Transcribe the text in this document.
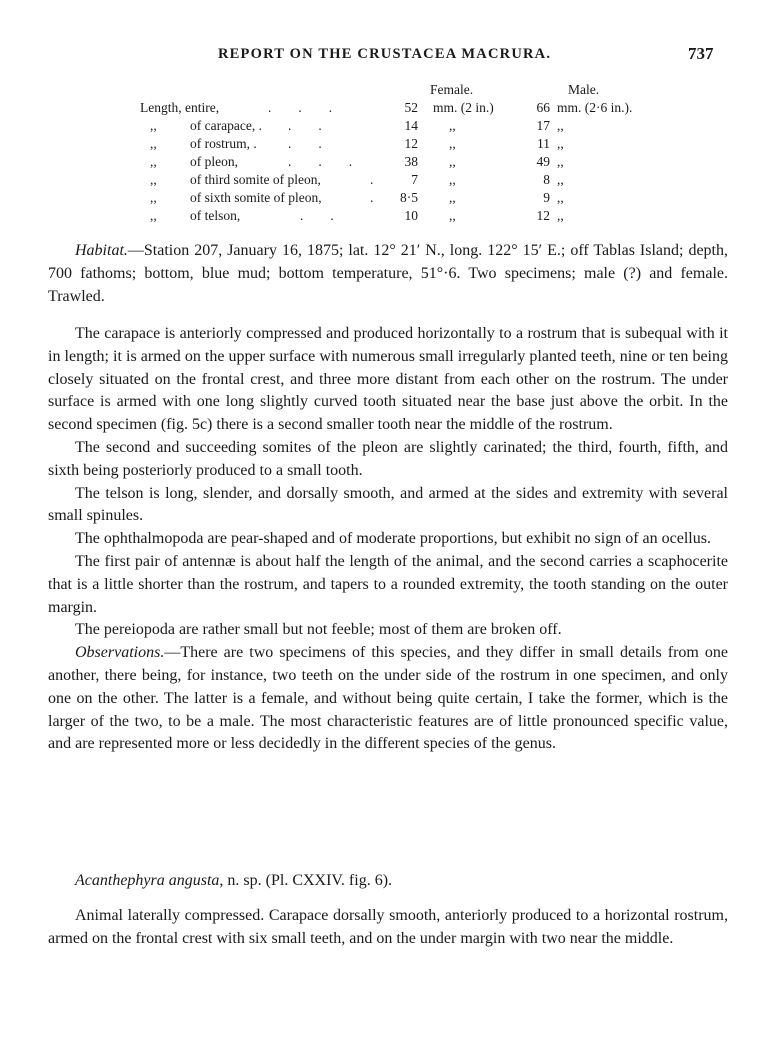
REPORT ON THE CRUSTACEA MACRURA.	737
Female.	Male.
Length, entire,	.        .        .	52 mm. (2 in.)	66 mm. (2·6 in.).
,, of carapace, . .        .	14 ,,	17 ,,
,, of rostrum, . .        .	12 ,,	11 ,,
,, of pleon,	.        .        .	38 ,,	49 ,,
,, of third somite of pleon,	.	7 ,,	8 ,,
,, of sixth somite of pleon,	.	8·5 ,,	9 ,,
,, of telson,	.        .	10 ,,	12 ,,

Habitat.—Station 207, January 16, 1875; lat. 12° 21′ N., long. 122° 15′ E.; off Tablas Island; depth, 700 fathoms; bottom, blue mud; bottom temperature, 51°·6. Two specimens; male (?) and female. Trawled.

The carapace is anteriorly compressed and produced horizontally to a rostrum that is subequal with it in length; it is armed on the upper surface with numerous small irregularly planted teeth, nine or ten being closely situated on the frontal crest, and three more distant from each other on the rostrum. The under surface is armed with one long slightly curved tooth situated near the base just above the orbit. In the second specimen (fig. 5c) there is a second smaller tooth near the middle of the rostrum.

The second and succeeding somites of the pleon are slightly carinated; the third, fourth, fifth, and sixth being posteriorly produced to a small tooth.

The telson is long, slender, and dorsally smooth, and armed at the sides and extremity with several small spinules.

The ophthalmopoda are pear-shaped and of moderate proportions, but exhibit no sign of an ocellus.

The first pair of antennæ is about half the length of the animal, and the second carries a scaphocerite that is a little shorter than the rostrum, and tapers to a rounded extremity, the tooth standing on the outer margin.

The pereiopoda are rather small but not feeble; most of them are broken off.

Observations.—There are two specimens of this species, and they differ in small details from one another, there being, for instance, two teeth on the under side of the rostrum in one specimen, and only one on the other. The latter is a female, and without being quite certain, I take the former, which is the larger of the two, to be a male. The most characteristic features are of little pronounced specific value, and are represented more or less decidedly in the different species of the genus.

Acanthephyra angusta, n. sp. (Pl. CXXIV. fig. 6).

Animal laterally compressed. Carapace dorsally smooth, anteriorly produced to a horizontal rostrum, armed on the frontal crest with six small teeth, and on the under margin with two near the middle.
